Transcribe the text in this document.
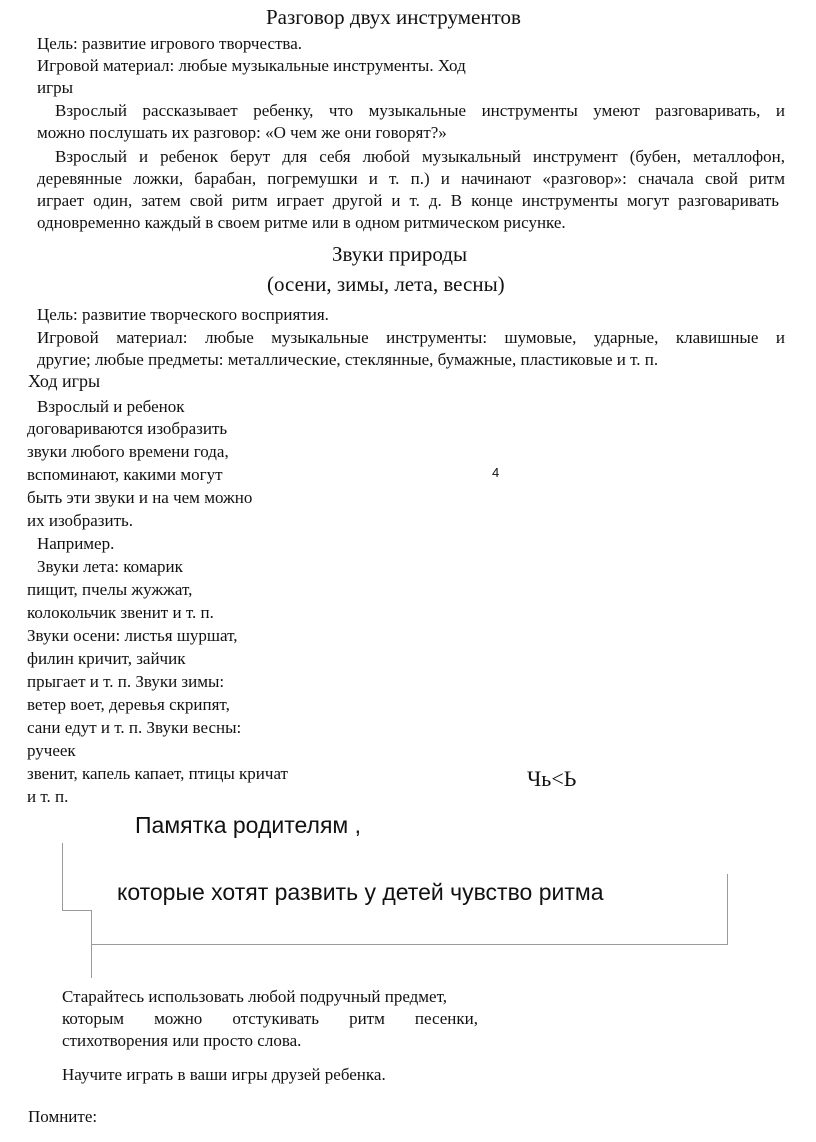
Разговор двух инструментов
Цель: развитие игрового творчества.
Игровой материал: любые музыкальные инструменты. Ход
игры
Взрослый рассказывает ребенку, что музыкальные инструменты умеют разговаривать, и
можно послушать их разговор: «О чем же они говорят?»
Взрослый и ребенок берут для себя любой музыкальный инструмент (бубен, металлофон,
деревянные ложки, барабан, погремушки и т. п.) и начинают «разговор»: сначала свой ритм
играет один, затем свой ритм играет другой и т. д. В конце инструменты могут разговаривать
одновременно каждый в своем ритме или в одном ритмическом рисунке.
Звуки природы
(осени, зимы, лета, весны)
Цель: развитие творческого восприятия.
Игровой материал: любые музыкальные инструменты: шумовые, ударные, клавишные и
другие; любые предметы: металлические, стеклянные, бумажные, пластиковые и т. п.
Ход игры
Взрослый и ребенок
договариваются изобразить
звуки любого времени года,
вспоминают, какими могут
быть эти звуки и на чем можно
их изобразить.
Например.
Звуки лета: комарик
пищит, пчелы жужжат,
колокольчик звенит и т. п.
Звуки осени: листья шуршат,
филин кричит, зайчик
прыгает и т. п. Звуки зимы:
ветер воет, деревья скрипят,
сани едут и т. п. Звуки весны:
ручеек
звенит, капель капает, птицы кричат
и т. п.
4
Чь<Ь
Памятка родителям ,
которые хотят развить у детей чувство ритма
Старайтесь использовать любой подручный предмет,
которым можно отстукивать ритм песенки,
стихотворения или просто слова.
Научите играть в ваши игры друзей ребенка.
Помните:
